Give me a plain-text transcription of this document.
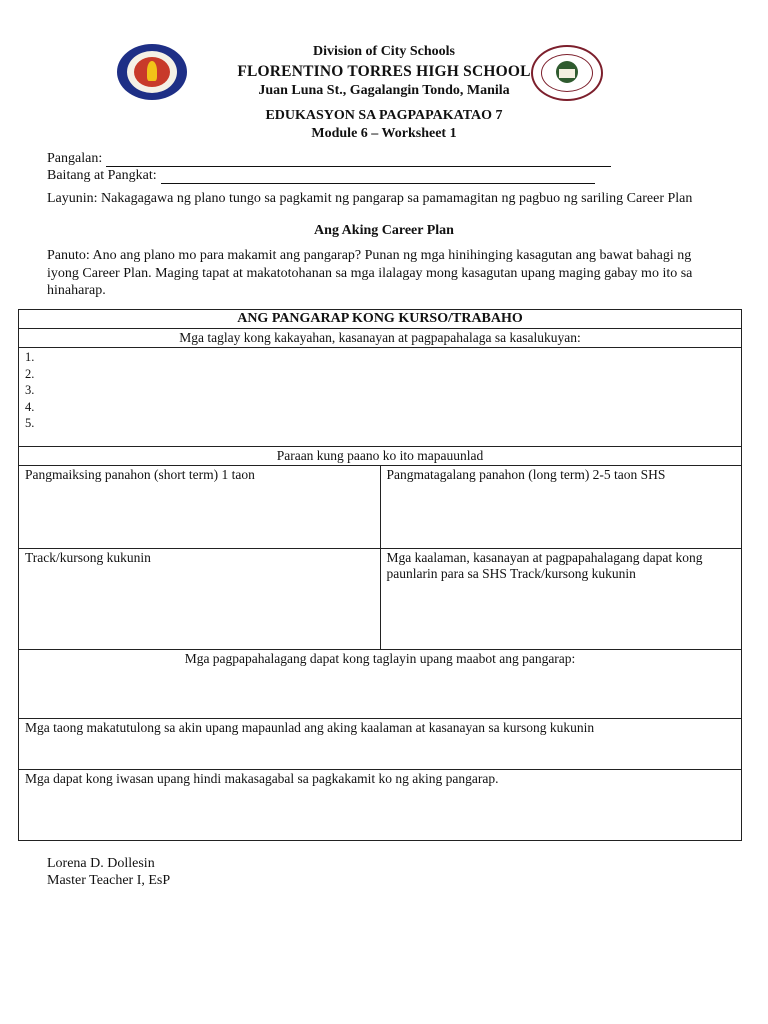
Division of City Schools
FLORENTINO TORRES HIGH SCHOOL
Juan Luna St., Gagalangin Tondo, Manila
EDUKASYON SA PAGPAPAKATAO 7
Module 6 – Worksheet 1
Pangalan:
Baitang at Pangkat:
Layunin: Nakagagawa ng plano tungo sa pagkamit ng pangarap sa pamamagitan ng pagbuo ng sariling Career Plan
Ang Aking Career Plan
Panuto: Ano ang plano mo para makamit ang pangarap? Punan ng mga hinihinging kasagutan ang bawat bahagi ng iyong Career Plan. Maging tapat at makatotohanan sa mga ilalagay mong kasagutan upang maging gabay mo ito sa hinaharap.
ANG PANGARAP KONG KURSO/TRABAHO	
Mga taglay kong kakayahan, kasanayan at pagpapahalaga sa kasalukuyan:	

1.
2.
3.
4.
5.	

Paraan kung paano ko ito mapauunlad	
Pangmaiksing panahon (short term) 1 taon	Pangmatagalang panahon (long term) 2-5 taon SHS
Track/kursong kukunin	Mga kaalaman, kasanayan at pagpapahalagang dapat kong paunlarin para sa SHS Track/kursong kukunin
Mga pagpapahalagang dapat kong taglayin upang maabot ang pangarap:	
Mga taong makatutulong sa akin upang mapaunlad ang aking kaalaman at kasanayan sa kursong kukunin	
Mga dapat kong iwasan upang hindi makasagabal sa pagkakamit ko ng aking pangarap.	
Lorena D. Dollesin
Master Teacher I, EsP
